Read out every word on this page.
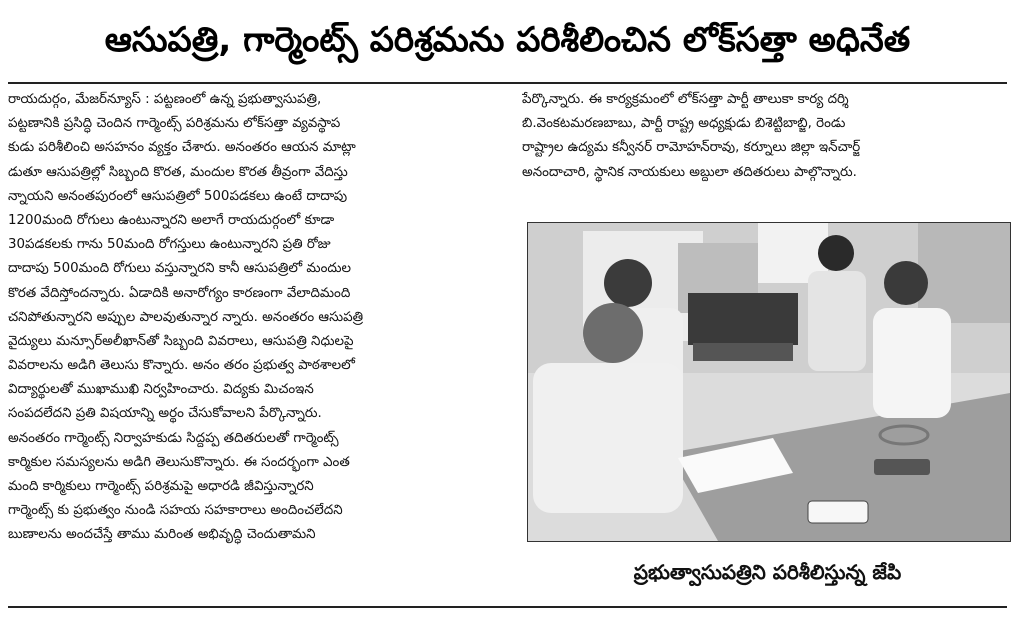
ఆసుపత్రి, గార్మెంట్స్ పరిశ్రమను పరిశీలించిన లోక్‌సత్తా అధినేత
రాయదుర్గం, మేజర్‌న్యూస్ : పట్టణంలో ఉన్న ప్రభుత్వాసుపత్రి,
పట్టణానికి ప్రసిద్ధి చెందిన గార్మెంట్స్ పరిశ్రమను లోక్‌సత్తా వ్యవస్థాప
కుడు పరిశీలించి అసహనం వ్యక్తం చేశారు. అనంతరం ఆయన మాట్లా
డుతూ ఆసుపత్రిల్లో సిబ్బంది కొరత, మందుల కొరత తీవ్రంగా వేదిస్తు
న్నాయని అనంతపురంలో ఆసుపత్రిలో 500పడకలు ఉంటే దాదాపు
1200మంది రోగులు ఉంటున్నారని అలాగే రాయదుర్గంలో కూడా
30పడకలకు గాను 50మంది రోగస్తులు ఉంటున్నారని ప్రతి రోజు
దాదాపు 500మంది రోగులు వస్తున్నారని కానీ ఆసుపత్రిలో మందుల
కొరత వేదిస్తోందన్నారు. ఏడాదికి అనారోగ్యం కారణంగా వేలాదిమంది
చనిపోతున్నారని అప్పుల పాలవుతున్నార న్నారు. అనంతరం ఆసుపత్రి
వైద్యులు మన్సూర్‌అలీఖాన్‌తో సిబ్బంది వివరాలు, ఆసుపత్రి నిధులపై
వివరాలను అడిగి తెలుసు కొన్నారు. అనం తరం ప్రభుత్వ పాఠశాలలో
విద్యార్థులతో ముఖాముఖి నిర్వహించారు. విద్యకు మిచంఇన
సంపదలేదని ప్రతి విషయాన్ని అర్థం చేసుకోవాలని పేర్కొన్నారు.
అనంతరం గార్మెంట్స్ నిర్వాహకుడు సిద్దప్ప తదితరులతో గార్మెంట్స్
కార్మికుల సమస్యలను అడిగి తెలుసుకొన్నారు. ఈ సందర్భంగా ఎంత
మంది కార్మికులు గార్మెంట్స్ పరిశ్రమపై అధారడి జీవిస్తున్నారని
గార్మెంట్స్ కు ప్రభుత్వం నుండి సహయ సహకారాలు అందించలేదని
బుణాలను అందచేస్తే తాము మరింత అభివృద్ధి చెందుతామని
పేర్కొన్నారు. ఈ కార్యక్రమంలో లోక్‌సత్తా పార్టీ తాలుకా కార్య దర్శి
బి.వెంకటమరణబాబు, పార్టీ రాష్ట్ర అధ్యక్షుడు బిశెట్టిబాబ్జి, రెండు
రాష్ట్రాల ఉద్యమ కన్వీనర్ రామోహన్‌రావు, కర్నూలు జిల్లా ఇన్‌చార్జ్
అనందాచారి, స్థానిక నాయకులు అబ్దులా తదితరులు పాల్గొన్నారు.
ప్రభుత్వాసుపత్రిని పరిశీలిస్తున్న జేపి
